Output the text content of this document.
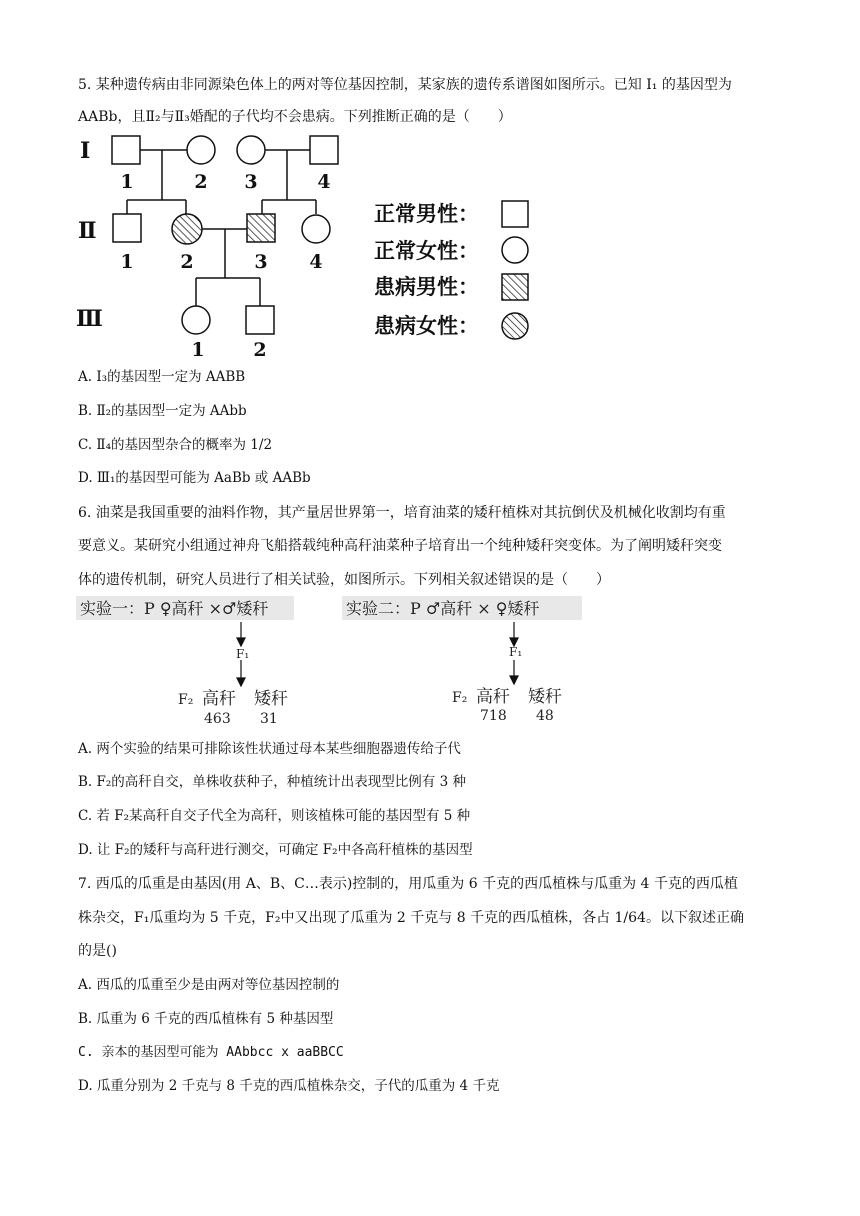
5. 某种遗传病由非同源染色体上的两对等位基因控制，某家族的遗传系谱图如图所示。已知 I₁ 的基因型为
AABb，且Ⅱ₂与Ⅱ₃婚配的子代均不会患病。下列推断正确的是（　　）
Ⅰ
Ⅱ
Ⅲ
1	2 3	4
1 2	3 4
1	2
正常男性：
正常女性：
患病男性：
患病女性：
A. I₃的基因型一定为 AABB
B. Ⅱ₂的基因型一定为 AAbb
C. Ⅱ₄的基因型杂合的概率为 1/2
D. Ⅲ₁的基因型可能为 AaBb 或 AABb
6. 油菜是我国重要的油料作物，其产量居世界第一，培育油菜的矮秆植株对其抗倒伏及机械化收割均有重
要意义。某研究小组通过神舟飞船搭载纯种高秆油菜种子培育出一个纯种矮秆突变体。为了阐明矮秆突变
体的遗传机制，研究人员进行了相关试验，如图所示。下列相关叙述错误的是（　　）
实验一：P ♀高秆 ×♂矮秆	实验二：P ♂高秆 × ♀矮秆
F₁	F₁
F₂ 高秆 矮秆
463 31
F₂ 高秆 矮秆
718 48
A. 两个实验的结果可排除该性状通过母本某些细胞器遗传给子代
B. F₂的高秆自交，单株收获种子，种植统计出表现型比例有 3 种
C. 若 F₂某高秆自交子代全为高秆，则该植株可能的基因型有 5 种
D. 让 F₂的矮秆与高秆进行测交，可确定 F₂中各高秆植株的基因型
7. 西瓜的瓜重是由基因(用 A、B、C…表示)控制的，用瓜重为 6 千克的西瓜植株与瓜重为 4 千克的西瓜植
株杂交，F₁瓜重均为 5 千克，F₂中又出现了瓜重为 2 千克与 8 千克的西瓜植株，各占 1/64。以下叙述正确
的是()
A. 西瓜的瓜重至少是由两对等位基因控制的
B. 瓜重为 6 千克的西瓜植株有 5 种基因型
C. 亲本的基因型可能为 AAbbcc x aaBBCC
D. 瓜重分别为 2 千克与 8 千克的西瓜植株杂交，子代的瓜重为 4 千克
